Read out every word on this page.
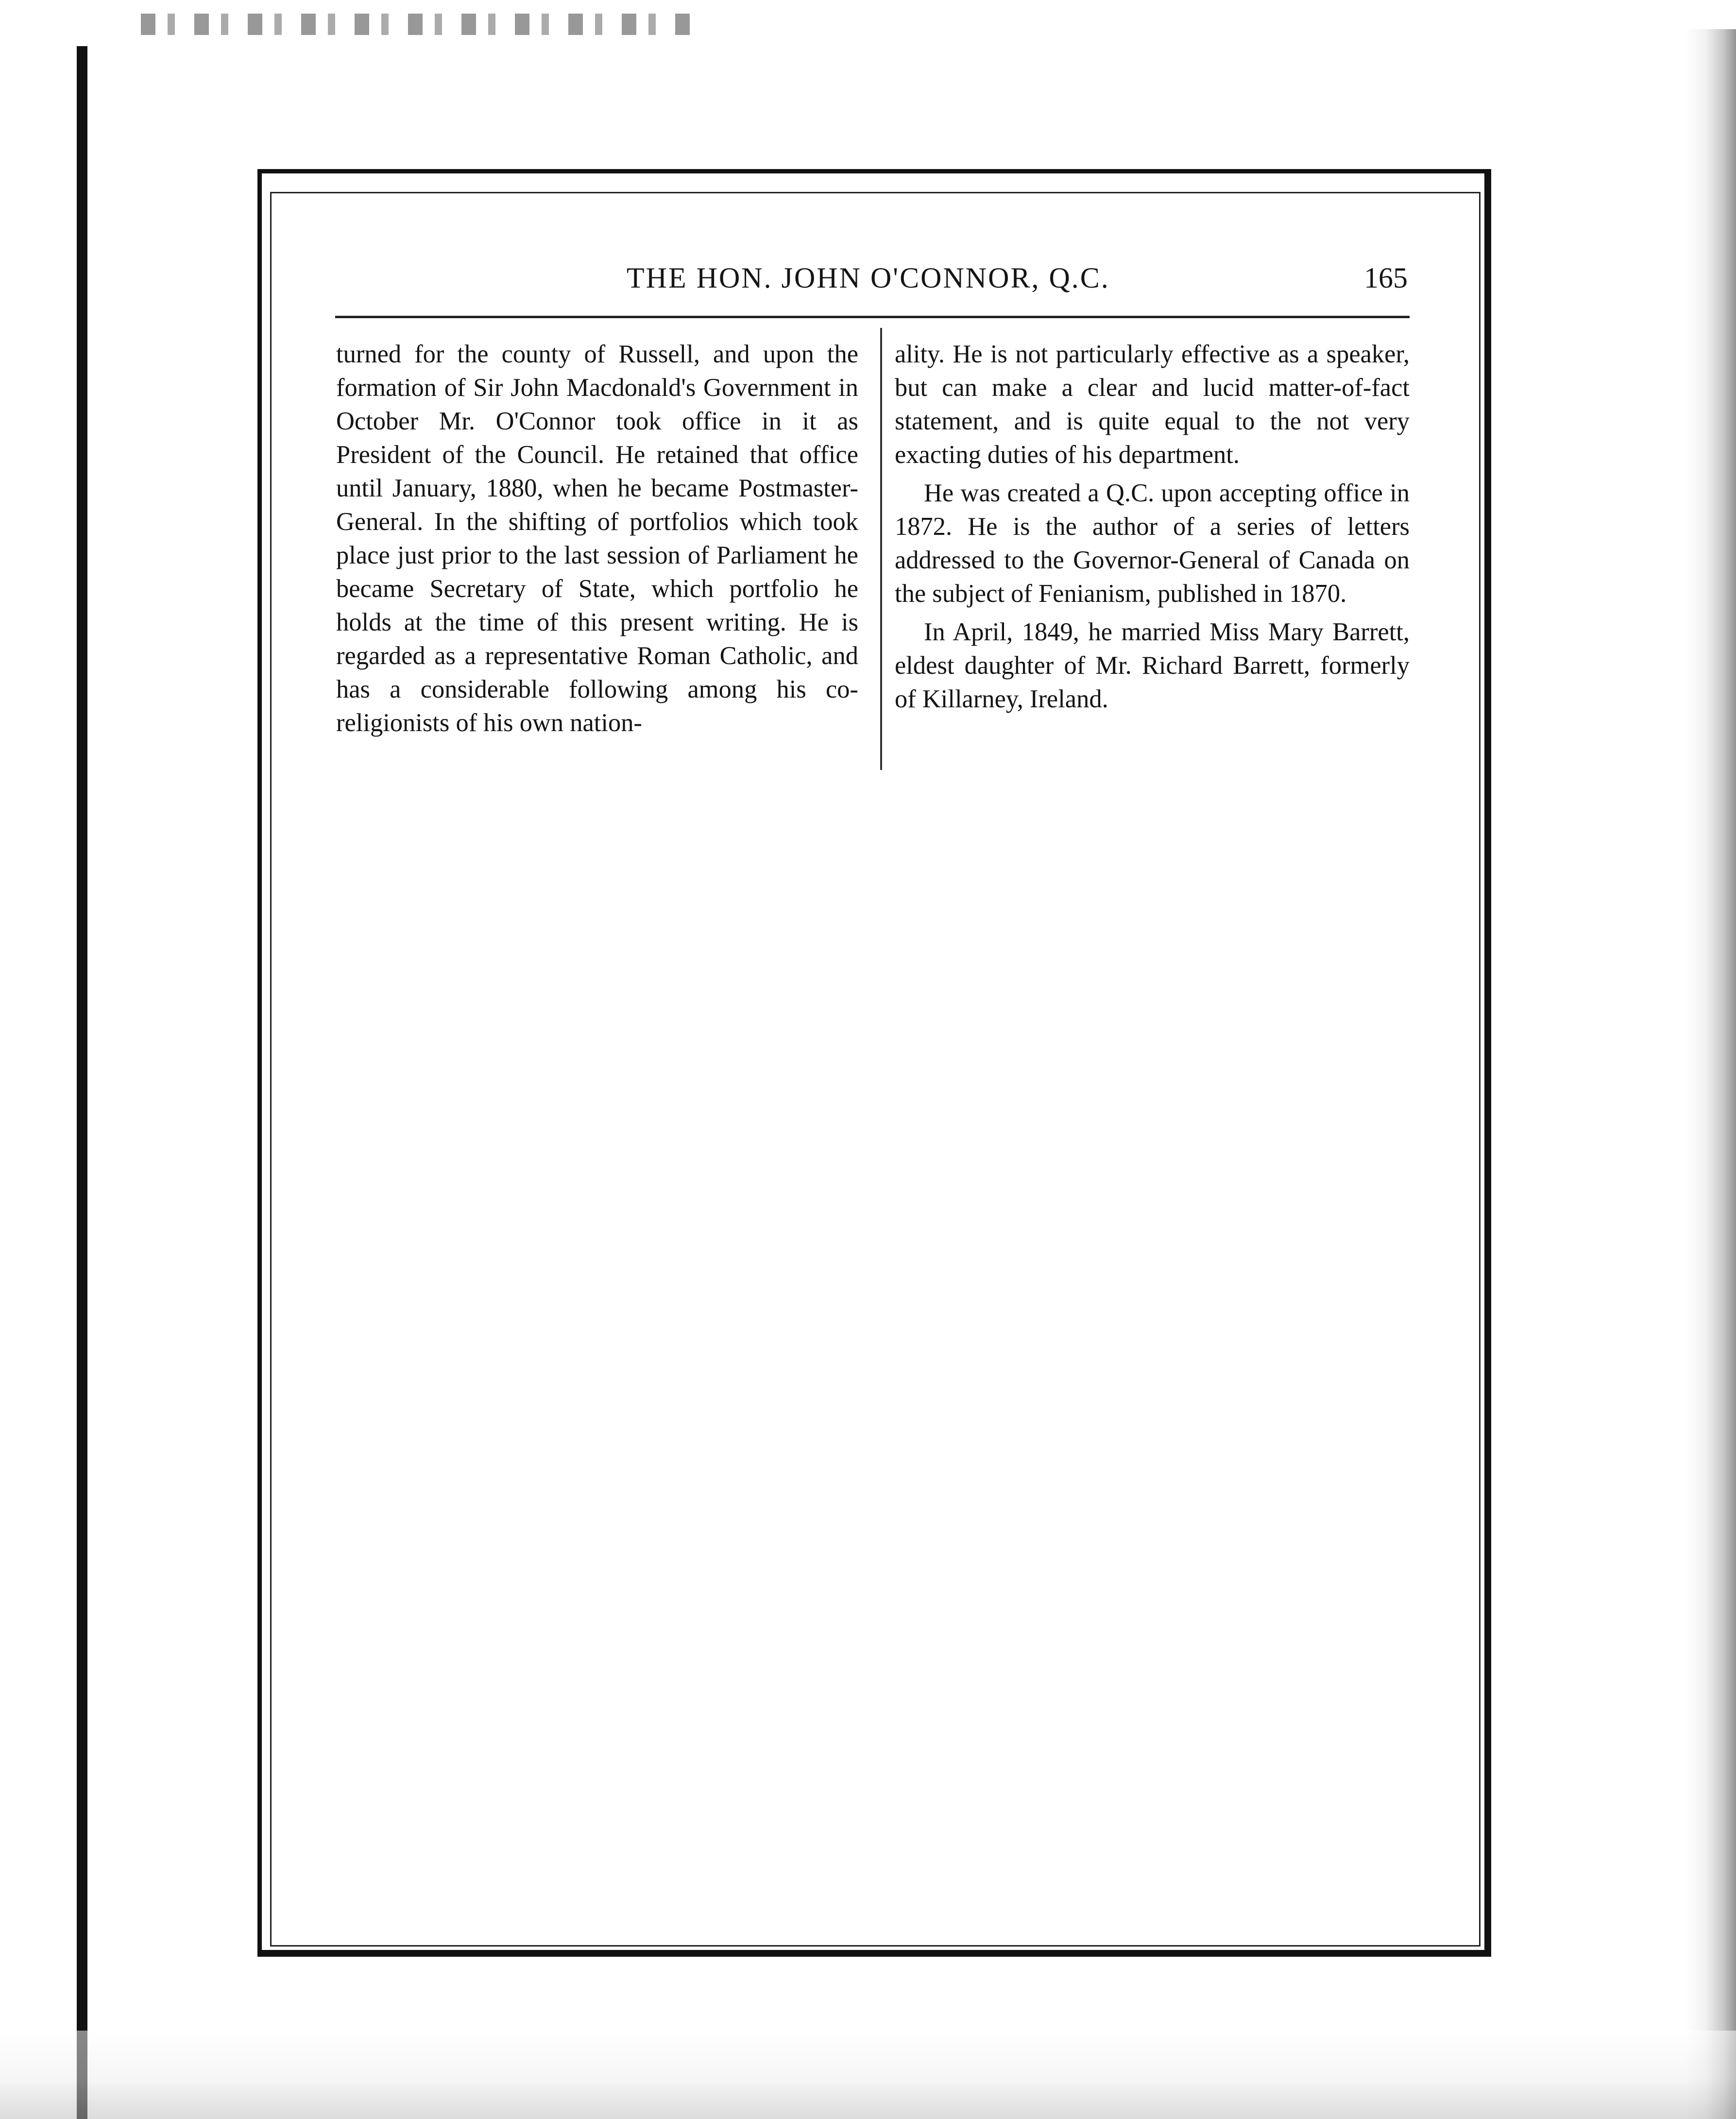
THE HON. JOHN O'CONNOR, Q.C.	165

turned for the county of Russell, and upon the formation of Sir John Macdonald's Government in October Mr. O'Connor took office in it as President of the Council. He retained that office until January, 1880, when he became Postmaster-General. In the shifting of portfolios which took place just prior to the last session of Parliament he became Secretary of State, which portfolio he holds at the time of this present writing. He is regarded as a representative Roman Catholic, and has a considerable following among his co-religionists of his own nation-

ality. He is not particularly effective as a speaker, but can make a clear and lucid matter-of-fact statement, and is quite equal to the not very exacting duties of his department.

He was created a Q.C. upon accepting office in 1872. He is the author of a series of letters addressed to the Governor-General of Canada on the subject of Fenianism, published in 1870.

In April, 1849, he married Miss Mary Barrett, eldest daughter of Mr. Richard Barrett, formerly of Killarney, Ireland.
